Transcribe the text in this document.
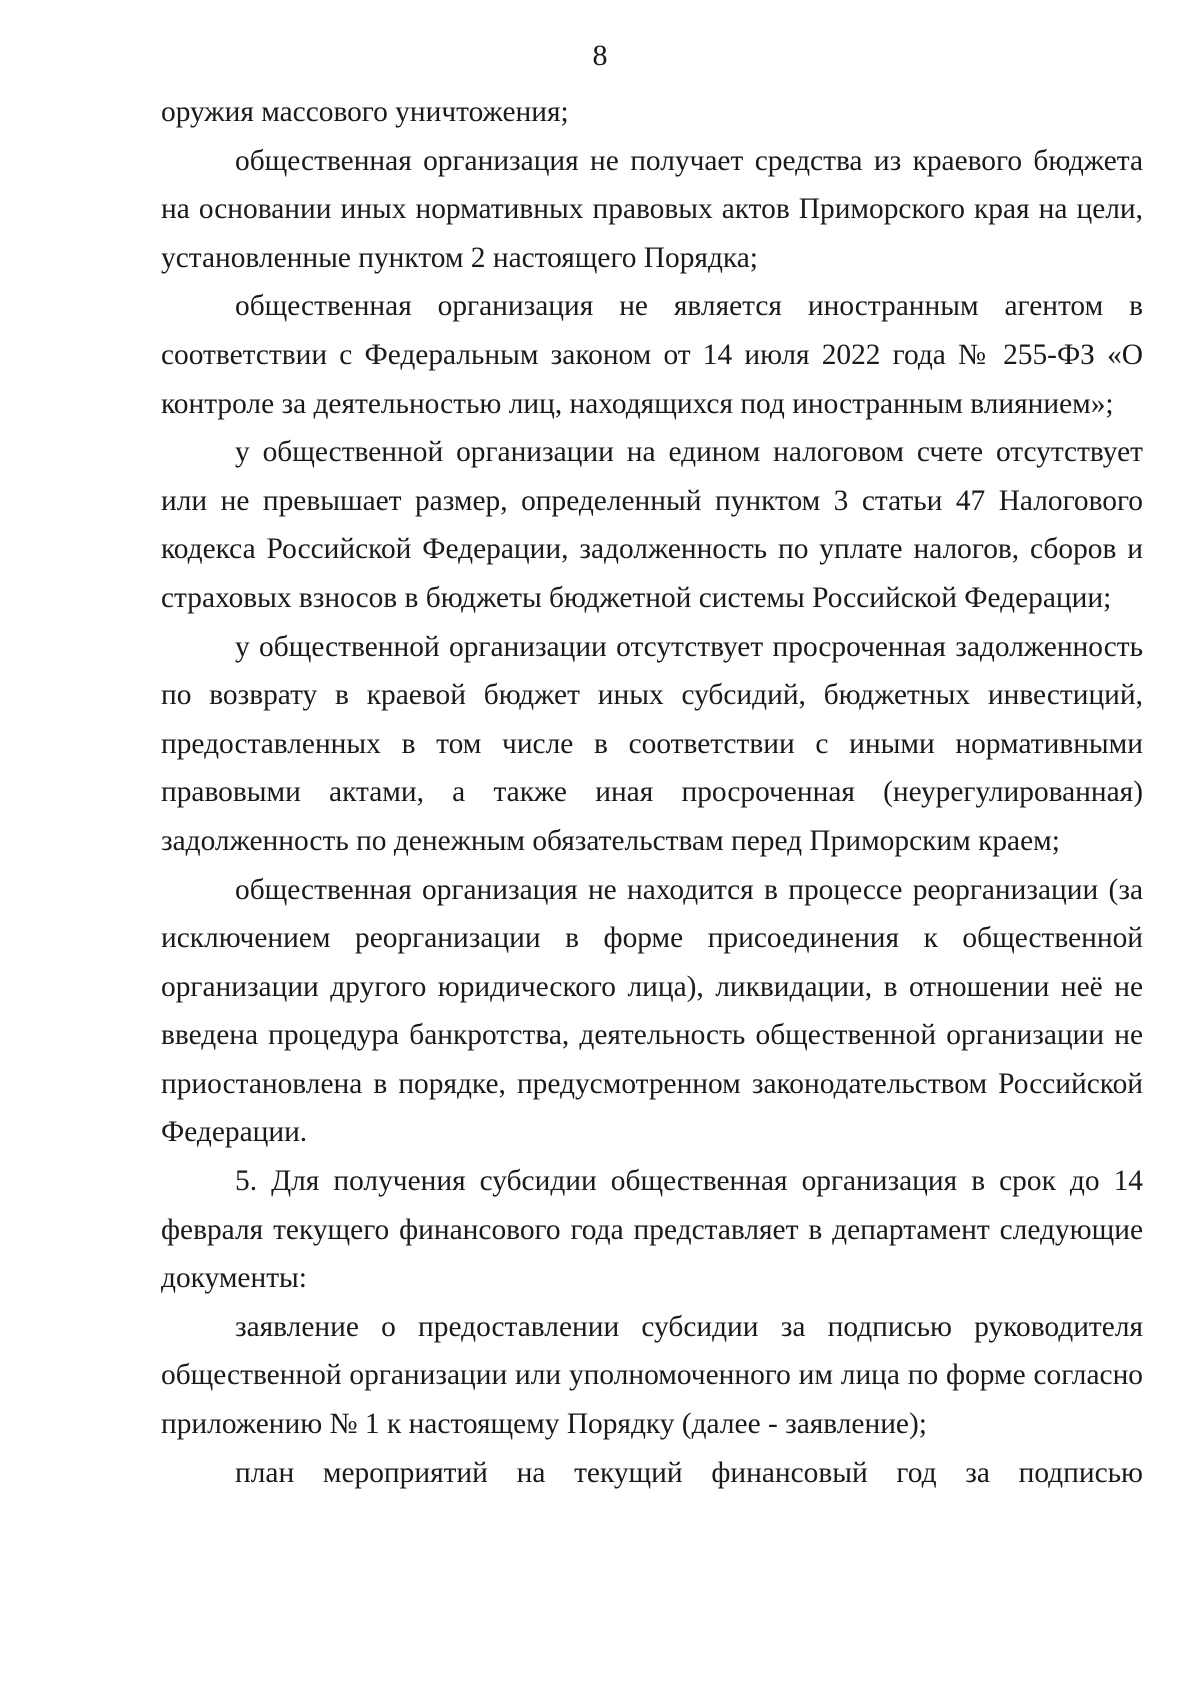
8

оружия массового уничтожения;

общественная организация не получает средства из краевого бюджета на основании иных нормативных правовых актов Приморского края на цели, установленные пунктом 2 настоящего Порядка;

общественная организация не является иностранным агентом в соответствии с Федеральным законом от 14 июля 2022 года № 255-ФЗ «О контроле за деятельностью лиц, находящихся под иностранным влиянием»;

у общественной организации на едином налоговом счете отсутствует или не превышает размер, определенный пунктом 3 статьи 47 Налогового кодекса Российской Федерации, задолженность по уплате налогов, сборов и страховых взносов в бюджеты бюджетной системы Российской Федерации;

у общественной организации отсутствует просроченная задолженность по возврату в краевой бюджет иных субсидий, бюджетных инвестиций, предоставленных в том числе в соответствии с иными нормативными правовыми актами, а также иная просроченная (неурегулированная) задолженность по денежным обязательствам перед Приморским краем;

общественная организация не находится в процессе реорганизации (за исключением реорганизации в форме присоединения к общественной организации другого юридического лица), ликвидации, в отношении неё не введена процедура банкротства, деятельность общественной организации не приостановлена в порядке, предусмотренном законодательством Российской Федерации.

5. Для получения субсидии общественная организация в срок до 14 февраля текущего финансового года представляет в департамент следующие документы:

заявление о предоставлении субсидии за подписью руководителя общественной организации или уполномоченного им лица по форме согласно приложению № 1 к настоящему Порядку (далее - заявление);

план мероприятий на текущий финансовый год за подписью
